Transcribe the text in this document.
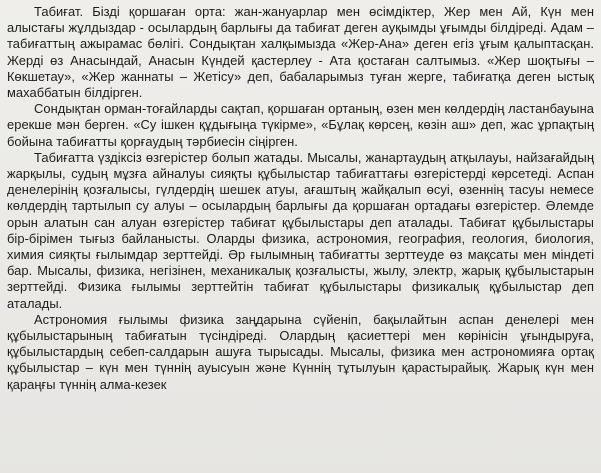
Табиғат. Бізді қоршаған орта: жан-жануарлар мен өсімдіктер, Жер мен Ай, Күн мен алыстағы жұлдыздар - осылардың барлығы да табиғат деген ауқымды ұғымды білдіреді. Адам – табиғаттың ажырамас бөлігі. Сондықтан халқымызда «Жер-Ана» деген егіз ұғым қалыптасқан. Жерді өз Анасындай, Анасын Күндей қастерлеу - Ата қостаған салтымыз. «Жер шоқтығы – Көкшетау», «Жер жаннаты – Жетісу» деп, бабаларымыз туған жерге, табиғатқа деген ыстық махаббатын білдірген.

Сондықтан орман-тоғайларды сақтап, қоршаған ортаның, өзен мен көлдердің ластанбауына ерекше мән берген. «Су ішкен құдығыңа түкірме», «Бұлақ көрсең, көзін аш» деп, жас ұрпақтың бойына табиғатты қорғаудың тәрбиесін сіңірген.

Табиғатта үздіксіз өзгерістер болып жатады. Мысалы, жанартаудың атқылауы, найзағайдың жарқылы, судың мұзға айналуы сияқты құбылыстар табиғаттағы өзгерістерді көрсетеді. Аспан денелерінің қозғалысы, гүлдердің шешек атуы, ағаштың жайқалып өсуі, өзеннің тасуы немесе көлдердің тартылып су алуы – осылардың барлығы да қоршаған ортадағы өзгерістер. Әлемде орын алатын сан алуан өзгерістер табиғат құбылыстары деп аталады. Табиғат құбылыстары бір-бірімен тығыз байланысты. Оларды физика, астрономия, география, геология, биология, химия сияқты ғылымдар зерттейді. Әр ғылымның табиғатты зерттеуде өз мақсаты мен міндеті бар. Мысалы, физика, негізінен, механикалық қозғалысты, жылу, электр, жарық құбылыстарын зерттейді. Физика ғылымы зерттейтін табиғат құбылыстары физикалық құбылыстар деп аталады.

Астрономия ғылымы физика заңдарына сүйеніп, бақылайтын аспан денелері мен құбылыстарының табиғатын түсіндіреді. Олардың қасиеттері мен көрінісін ұғындыруға, құбылыстардың себеп-салдарын ашуға тырысады. Мысалы, физика мен астрономияға ортақ құбылыстар – күн мен түннің ауысуын және Күннің тұтылуын қарастырайық. Жарық күн мен қараңғы түннің алма-кезек
